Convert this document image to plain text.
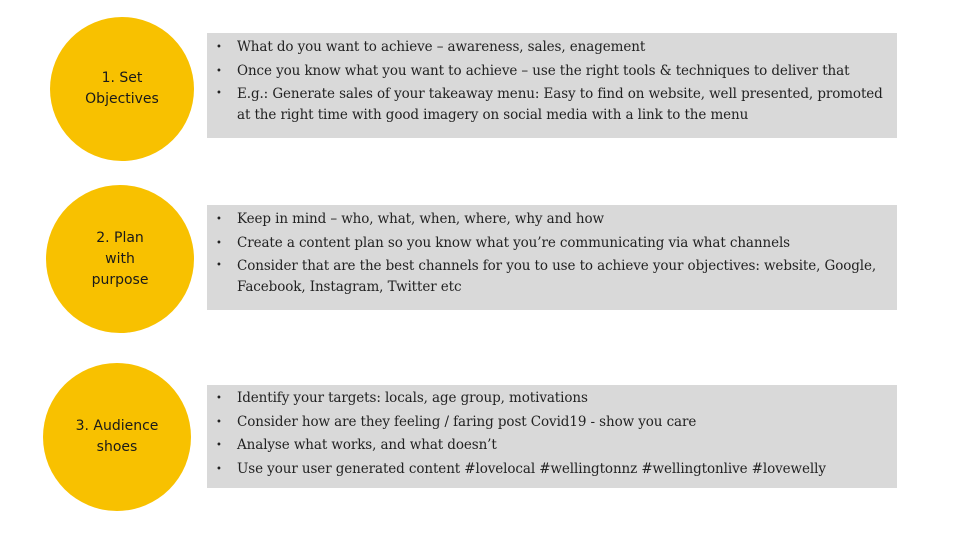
1. Set
Objectives
• What do you want to achieve – awareness, sales, enagement
• Once you know what you want to achieve – use the right tools & techniques to deliver that
• E.g.: Generate sales of your takeaway menu: Easy to find on website, well presented, promoted at the right time with good imagery on social media with a link to the menu
2. Plan
with
purpose
• Keep in mind – who, what, when, where, why and how
• Create a content plan so you know what you’re communicating via what channels
• Consider that are the best channels for you to use to achieve your objectives: website, Google, Facebook, Instagram, Twitter etc
3. Audience
shoes
• Identify your targets: locals, age group, motivations
• Consider how are they feeling / faring post Covid19 - show you care
• Analyse what works, and what doesn’t
• Use your user generated content #lovelocal #wellingtonnz #wellingtonlive #lovewelly
